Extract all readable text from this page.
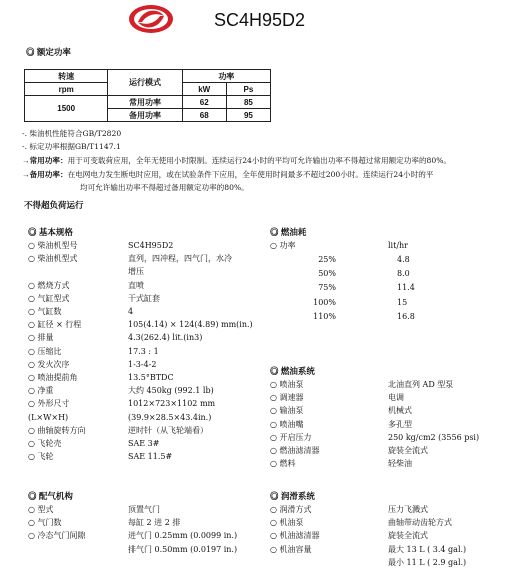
SC4H95D2
◎ 额定功率
转速	运行模式	功率	
rpm		kW	Ps
1500	常用功率	62	85
	备用功率	68	95
-. 柴油机性能符合GB/T2820
-. 标定功率根据GB/T1147.1
→常用功率：用于可变载荷应用，全年无使用小时限制。连续运行24小时的平均可允许输出功率不得超过常用额定功率的80%。
→备用功率：在电网电力发生断电时应用，或在试验条件下应用，全年使用时间最多不超过200小时。连续运行24小时的平
均可允许输出功率不得超过备用额定功率的80%。
不得超负荷运行
◎ 基本规格
○ 柴油机型号	SC4H95D2
○ 柴油机型式	直列，四冲程，四气门，水冷
增压
○ 燃烧方式	直喷
○ 气缸型式	干式缸套
○ 气缸数	4
○ 缸径 × 行程	105(4.14) × 124(4.89) mm(in.)
○ 排量	4.3(262.4) lit.(in3)
○ 压缩比	17.3 : 1
○ 发火次序	1-3-4-2
○ 喷油提前角	13.5°BTDC
○ 净重	大约 450kg (992.1 lb)
○ 外形尺寸	1012×723×1102 mm
(L×W×H)	(39.9×28.5×43.4in.)
○ 曲轴旋转方向	逆时针（从飞轮端看）
○ 飞轮壳	SAE 3#
○ 飞轮	SAE 11.5#
◎ 燃油耗
○ 功率	lit/hr
25%	4.8
50%	8.0
75%	11.4
100%	15
110%	16.8
◎ 燃油系统
○ 喷油泵	北油直列 AD 型泵
○ 调速器	电调
○ 输油泵	机械式
○ 喷油嘴	多孔型
○ 开启压力	250 kg/cm2 (3556 psi)
○ 燃油滤清器	旋装全流式
○ 燃料	轻柴油
◎ 配气机构
○ 型式	顶置气门
○ 气门数	每缸 2 进 2 排
○ 冷态气门间隙	进气门 0.25mm (0.0099 in.)
排气门 0.50mm (0.0197 in.)
◎ 润滑系统
○ 润滑方式	压力飞溅式
○ 机油泵	曲轴带动齿轮方式
○ 机油滤清器	旋装全流式
○ 机油容量	最大 13 L ( 3.4 gal.)
最小 11 L ( 2.9 gal.)
